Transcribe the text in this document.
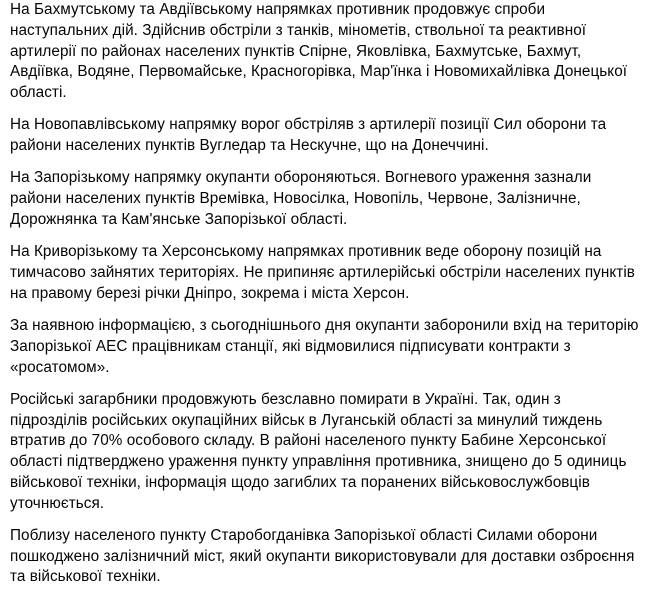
На Бахмутському та Авдіївському напрямках противник продовжує спроби наступальних дій. Здійснив обстріли з танків, мінометів, ствольної та реактивної артилерії по районах населених пунктів Спірне, Яковлівка, Бахмутське, Бахмут, Авдіївка, Водяне, Первомайське, Красногорівка, Мар'їнка і Новомихайлівка Донецької області.

На Новопавлівському напрямку ворог обстріляв з артилерії позиції Сил оборони та райони населених пунктів Вугледар та Нескучне, що на Донеччині.

На Запорізькому напрямку окупанти обороняються. Вогневого ураження зазнали райони населених пунктів Времівка, Новосілка, Новопіль, Червоне, Залізничне, Дорожнянка та Кам'янське Запорізької області.

На Криворізькому та Херсонському напрямках противник веде оборону позицій на тимчасово зайнятих територіях. Не припиняє артилерійські обстріли населених пунктів на правому березі річки Дніпро, зокрема і міста Херсон.

За наявною інформацією, з сьогоднішнього дня окупанти заборонили вхід на територію Запорізької АЕС працівникам станції, які відмовилися підписувати контракти з «росатомом».

Російські загарбники продовжують безславно помирати в Україні. Так, один з підрозділів російських окупаційних військ в Луганській області за минулий тиждень втратив до 70% особового складу. В районі населеного пункту Бабине Херсонської області підтверджено ураження пункту управління противника, знищено до 5 одиниць військової техніки, інформація щодо загиблих та поранених військовослужбовців уточнюється.

Поблизу населеного пункту Старобогданівка Запорізької області Силами оборони пошкоджено залізничний міст, який окупанти використовували для доставки озброєння та військової техніки.
